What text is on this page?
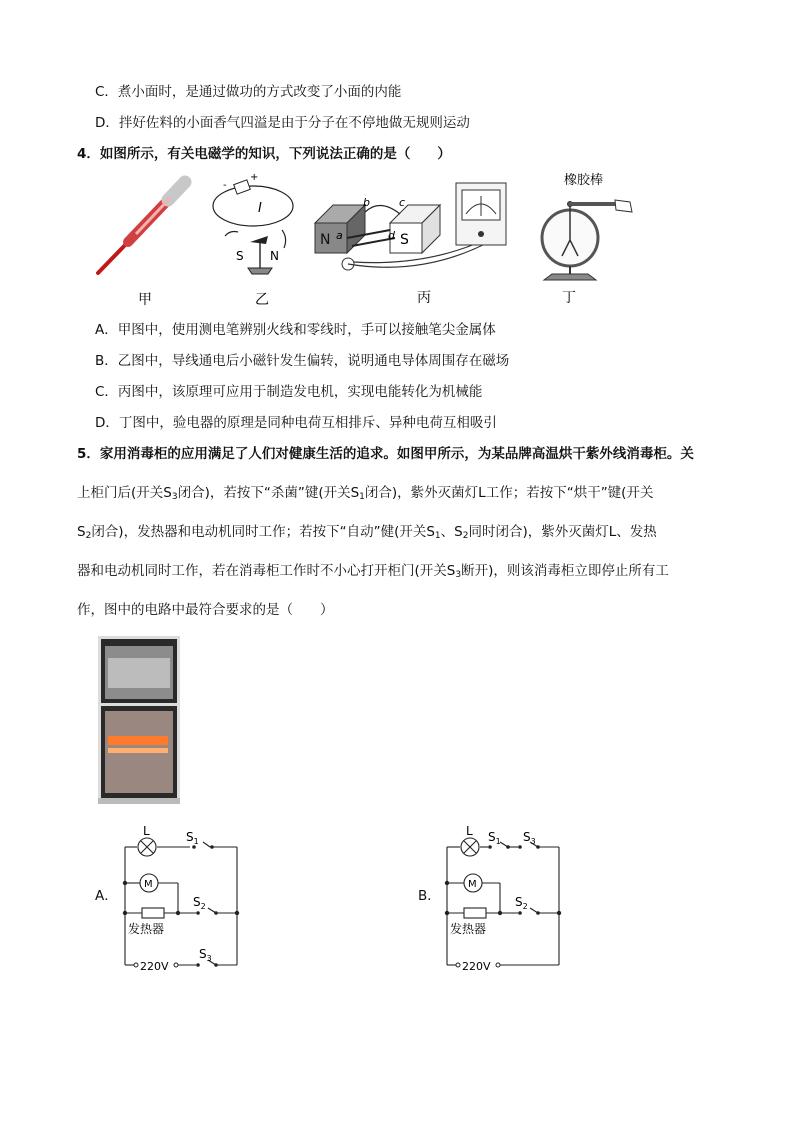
C．煮小面时，是通过做功的方式改变了小面的内能
D．拌好佐料的小面香气四溢是由于分子在不停地做无规则运动
4．如图所示，有关电磁学的知识，下列说法正确的是（　　）
甲
-
+
I
S N
乙
N	S
a
b	c
d
丙
橡胶棒
丁
A．甲图中，使用测电笔辨别火线和零线时，手可以接触笔尖金属体
B．乙图中，导线通电后小磁针发生偏转，说明通电导体周围存在磁场
C．丙图中，该原理可应用于制造发电机，实现电能转化为机械能
D．丁图中，验电器的原理是同种电荷互相排斥、异种电荷互相吸引
5．家用消毒柜的应用满足了人们对健康生活的追求。如图甲所示，为某品牌高温烘干紫外线消毒柜。关
上柜门后(开关$S_3$闭合)，若按下“杀菌”键(开关$S_1$闭合)，紫外灭菌灯L工作；若按下“烘干”键(开关
$S_2$闭合)，发热器和电动机同时工作；若按下“自动”健(开关$S_1$、$S_2$同时闭合)，紫外灭菌灯L、发热
器和电动机同时工作，若在消毒柜工作时不小心打开柜门(开关$S_3$断开)，则该消毒柜立即停止所有工
作，图中的电路中最符合要求的是（　　）
A．
L
M
发热器
220V
$S_1$
$S_2$
$S_3$
B．
L
M
发热器
220V
$S_1$ $S_3$
$S_2$
